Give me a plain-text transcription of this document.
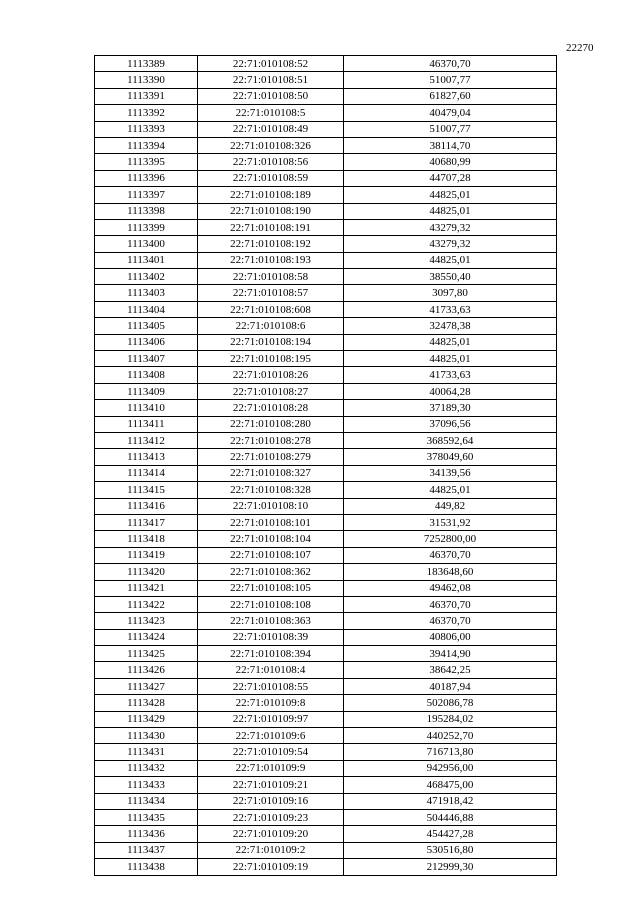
22270
1113389	22:71:010108:52	46370,70
1113390	22:71:010108:51	51007,77
1113391	22:71:010108:50	61827,60
1113392	22:71:010108:5	40479,04
1113393	22:71:010108:49	51007,77
1113394	22:71:010108:326	38114,70
1113395	22:71:010108:56	40680,99
1113396	22:71:010108:59	44707,28
1113397	22:71:010108:189	44825,01
1113398	22:71:010108:190	44825,01
1113399	22:71:010108:191	43279,32
1113400	22:71:010108:192	43279,32
1113401	22:71:010108:193	44825,01
1113402	22:71:010108:58	38550,40
1113403	22:71:010108:57	3097,80
1113404	22:71:010108:608	41733,63
1113405	22:71:010108:6	32478,38
1113406	22:71:010108:194	44825,01
1113407	22:71:010108:195	44825,01
1113408	22:71:010108:26	41733,63
1113409	22:71:010108:27	40064,28
1113410	22:71:010108:28	37189,30
1113411	22:71:010108:280	37096,56
1113412	22:71:010108:278	368592,64
1113413	22:71:010108:279	378049,60
1113414	22:71:010108:327	34139,56
1113415	22:71:010108:328	44825,01
1113416	22:71:010108:10	449,82
1113417	22:71:010108:101	31531,92
1113418	22:71:010108:104	7252800,00
1113419	22:71:010108:107	46370,70
1113420	22:71:010108:362	183648,60
1113421	22:71:010108:105	49462,08
1113422	22:71:010108:108	46370,70
1113423	22:71:010108:363	46370,70
1113424	22:71:010108:39	40806,00
1113425	22:71:010108:394	39414,90
1113426	22:71:010108:4	38642,25
1113427	22:71:010108:55	40187,94
1113428	22:71:010109:8	502086,78
1113429	22:71:010109:97	195284,02
1113430	22:71:010109:6	440252,70
1113431	22:71:010109:54	716713,80
1113432	22:71:010109:9	942956,00
1113433	22:71:010109:21	468475,00
1113434	22:71:010109:16	471918,42
1113435	22:71:010109:23	504446,88
1113436	22:71:010109:20	454427,28
1113437	22:71:010109:2	530516,80
1113438	22:71:010109:19	212999,30
